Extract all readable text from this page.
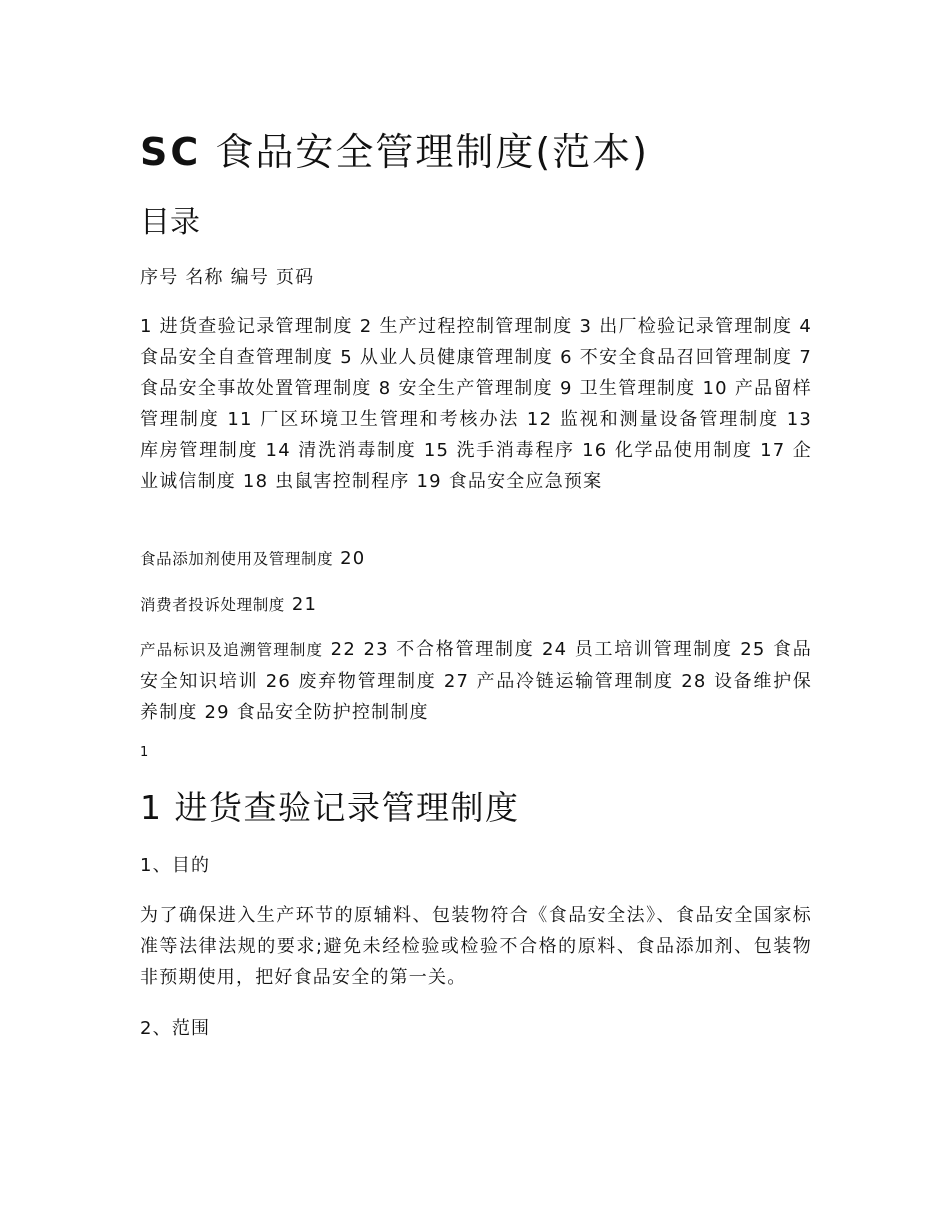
SC 食品安全管理制度(范本)
目录

序号 名称 编号 页码

1 进货查验记录管理制度 2 生产过程控制管理制度 3 出厂检验记录管理制度 4 食品安全自查管理制度 5 从业人员健康管理制度 6 不安全食品召回管理制度 7 食品安全事故处置管理制度 8 安全生产管理制度 9 卫生管理制度 10 产品留样管理制度 11 厂区环境卫生管理和考核办法 12 监视和测量设备管理制度 13 库房管理制度 14 清洗消毒制度 15 洗手消毒程序 16 化学品使用制度 17 企业诚信制度 18 虫鼠害控制程序 19 食品安全应急预案

食品添加剂使用及管理制度 20

消费者投诉处理制度 21

产品标识及追溯管理制度 22 23 不合格管理制度 24 员工培训管理制度 25 食品安全知识培训 26 废弃物管理制度 27 产品冷链运输管理制度 28 设备维护保养制度 29 食品安全防护控制制度

1

1 进货查验记录管理制度

1、目的

为了确保进入生产环节的原辅料、包装物符合《食品安全法》、食品安全国家标准等法律法规的要求;避免未经检验或检验不合格的原料、食品添加剂、包装物非预期使用，把好食品安全的第一关。

2、范围
